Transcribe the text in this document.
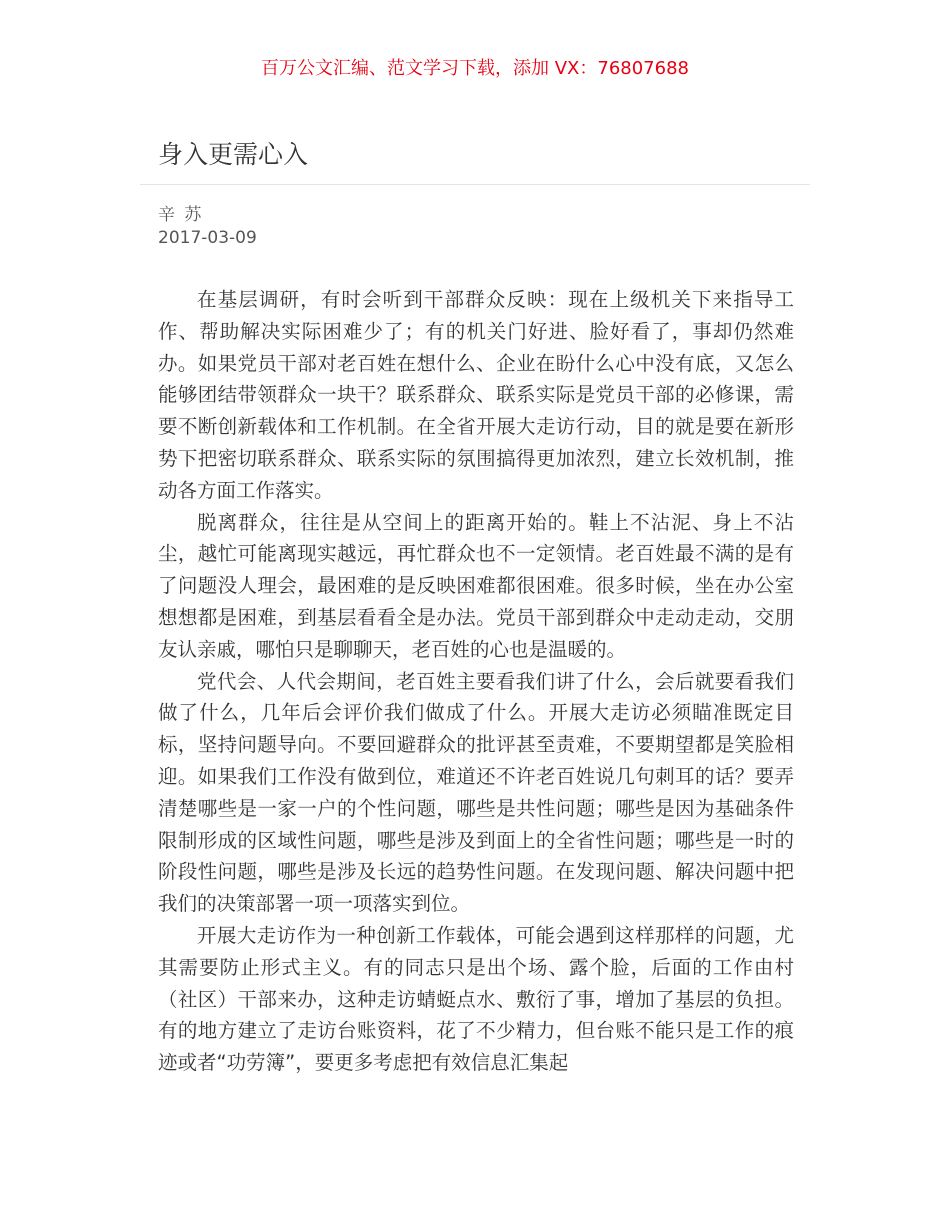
百万公文汇编、范文学习下载，添加 VX：76807688
身入更需心入
辛 苏
2017-03-09

在基层调研，有时会听到干部群众反映：现在上级机关下来指导工作、帮助解决实际困难少了；有的机关门好进、脸好看了，事却仍然难办。如果党员干部对老百姓在想什么、企业在盼什么心中没有底，又怎么能够团结带领群众一块干？联系群众、联系实际是党员干部的必修课，需要不断创新载体和工作机制。在全省开展大走访行动，目的就是要在新形势下把密切联系群众、联系实际的氛围搞得更加浓烈，建立长效机制，推动各方面工作落实。

脱离群众，往往是从空间上的距离开始的。鞋上不沾泥、身上不沾尘，越忙可能离现实越远，再忙群众也不一定领情。老百姓最不满的是有了问题没人理会，最困难的是反映困难都很困难。很多时候，坐在办公室想想都是困难，到基层看看全是办法。党员干部到群众中走动走动，交朋友认亲戚，哪怕只是聊聊天，老百姓的心也是温暖的。

党代会、人代会期间，老百姓主要看我们讲了什么，会后就要看我们做了什么，几年后会评价我们做成了什么。开展大走访必须瞄准既定目标，坚持问题导向。不要回避群众的批评甚至责难，不要期望都是笑脸相迎。如果我们工作没有做到位，难道还不许老百姓说几句刺耳的话？要弄清楚哪些是一家一户的个性问题，哪些是共性问题；哪些是因为基础条件限制形成的区域性问题，哪些是涉及到面上的全省性问题；哪些是一时的阶段性问题，哪些是涉及长远的趋势性问题。在发现问题、解决问题中把我们的决策部署一项一项落实到位。

开展大走访作为一种创新工作载体，可能会遇到这样那样的问题，尤其需要防止形式主义。有的同志只是出个场、露个脸，后面的工作由村（社区）干部来办，这种走访蜻蜓点水、敷衍了事，增加了基层的负担。有的地方建立了走访台账资料，花了不少精力，但台账不能只是工作的痕迹或者“功劳簿”，要更多考虑把有效信息汇集起
